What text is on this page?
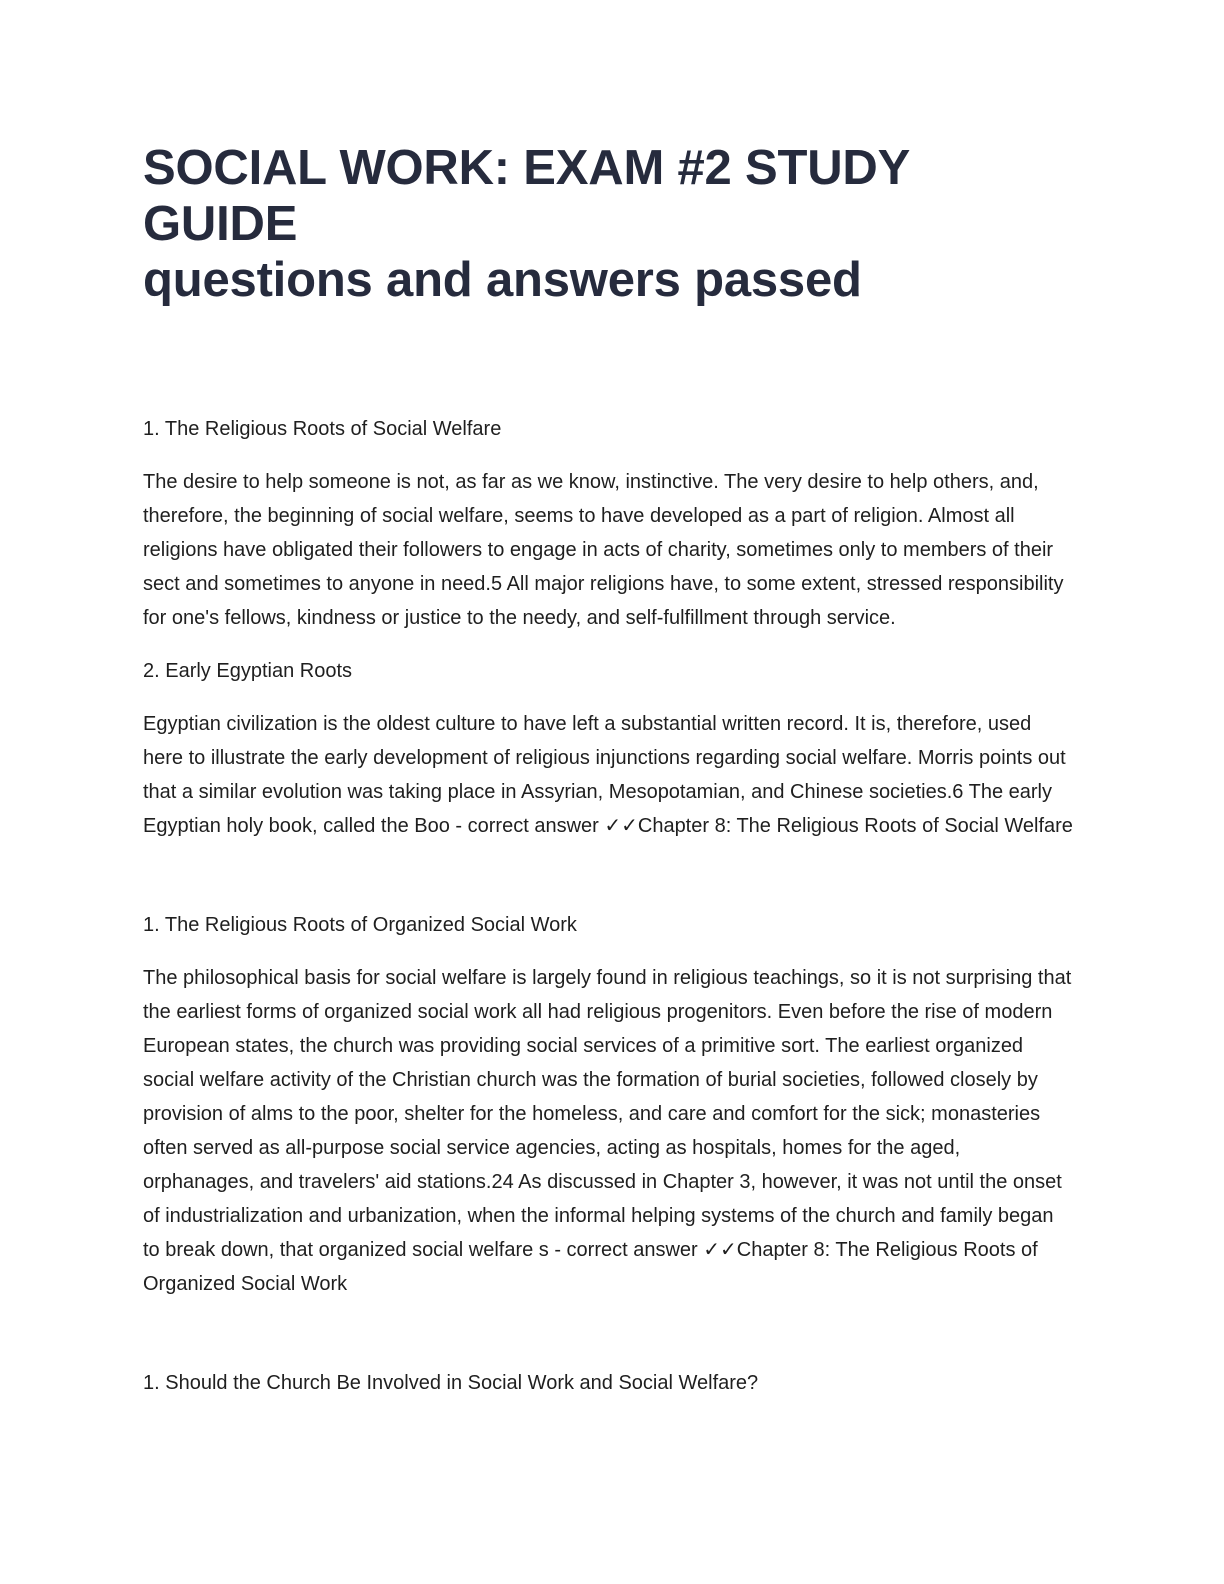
SOCIAL WORK: EXAM #2 STUDY GUIDE
questions and answers passed

1. The Religious Roots of Social Welfare

The desire to help someone is not, as far as we know, instinctive. The very desire to help others, and, therefore, the beginning of social welfare, seems to have developed as a part of religion. Almost all religions have obligated their followers to engage in acts of charity, sometimes only to members of their sect and sometimes to anyone in need.5 All major religions have, to some extent, stressed responsibility for one's fellows, kindness or justice to the needy, and self-fulfillment through service.

2. Early Egyptian Roots

Egyptian civilization is the oldest culture to have left a substantial written record. It is, therefore, used here to illustrate the early development of religious injunctions regarding social welfare. Morris points out that a similar evolution was taking place in Assyrian, Mesopotamian, and Chinese societies.6 The early Egyptian holy book, called the Boo - correct answer ✓✓Chapter 8: The Religious Roots of Social Welfare

1. The Religious Roots of Organized Social Work

The philosophical basis for social welfare is largely found in religious teachings, so it is not surprising that the earliest forms of organized social work all had religious progenitors. Even before the rise of modern European states, the church was providing social services of a primitive sort. The earliest organized social welfare activity of the Christian church was the formation of burial societies, followed closely by provision of alms to the poor, shelter for the homeless, and care and comfort for the sick; monasteries often served as all-purpose social service agencies, acting as hospitals, homes for the aged, orphanages, and travelers' aid stations.24 As discussed in Chapter 3, however, it was not until the onset of industrialization and urbanization, when the informal helping systems of the church and family began to break down, that organized social welfare s - correct answer ✓✓Chapter 8: The Religious Roots of Organized Social Work

1. Should the Church Be Involved in Social Work and Social Welfare?
